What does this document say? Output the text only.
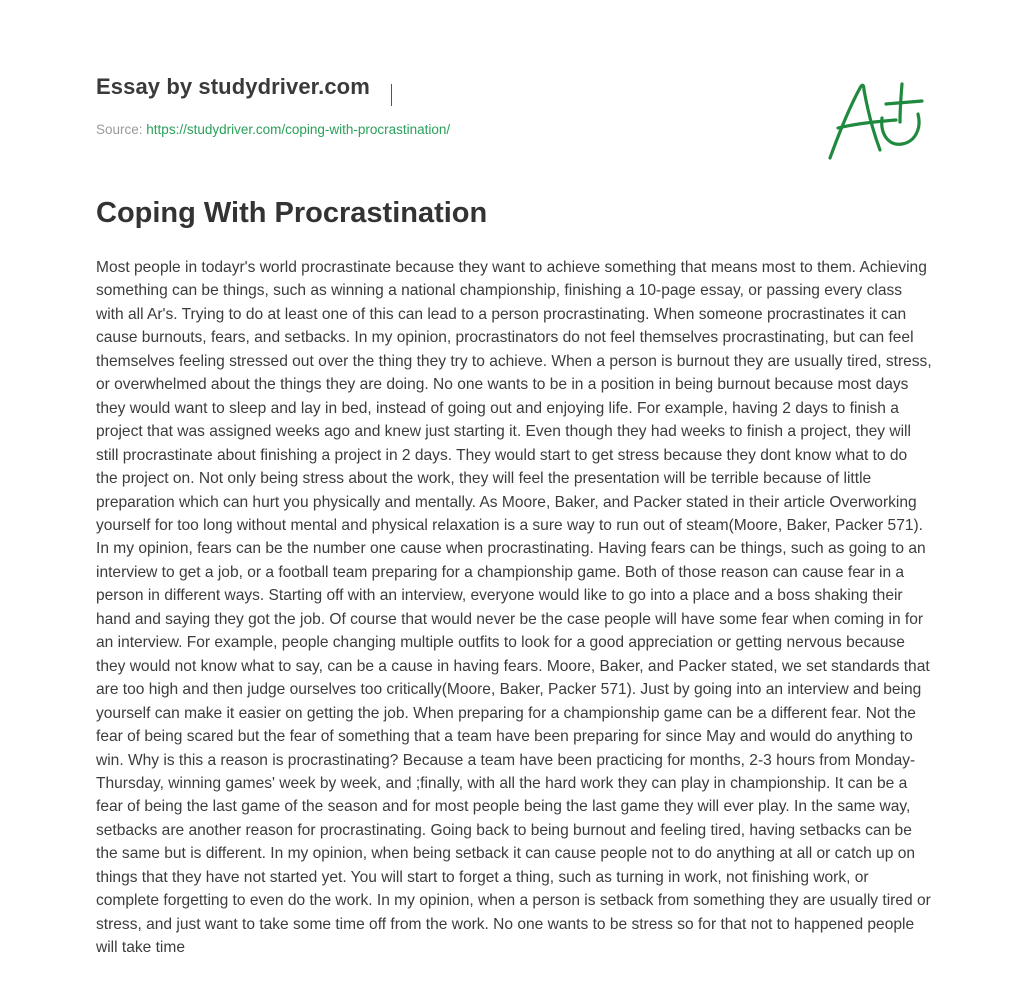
Essay by studydriver.com
Source: https://studydriver.com/coping-with-procrastination/
Coping With Procrastination

Most people in todayr's world procrastinate because they want to achieve something that means most to them. Achieving something can be things, such as winning a national championship, finishing a 10-page essay, or passing every class with all Ar's. Trying to do at least one of this can lead to a person procrastinating. When someone procrastinates it can cause burnouts, fears, and setbacks. In my opinion, procrastinators do not feel themselves procrastinating, but can feel themselves feeling stressed out over the thing they try to achieve. When a person is burnout they are usually tired, stress, or overwhelmed about the things they are doing. No one wants to be in a position in being burnout because most days they would want to sleep and lay in bed, instead of going out and enjoying life. For example, having 2 days to finish a project that was assigned weeks ago and knew just starting it. Even though they had weeks to finish a project, they will still procrastinate about finishing a project in 2 days. They would start to get stress because they dont know what to do the project on. Not only being stress about the work, they will feel the presentation will be terrible because of little preparation which can hurt you physically and mentally. As Moore, Baker, and Packer stated in their article Overworking yourself for too long without mental and physical relaxation is a sure way to run out of steam(Moore, Baker, Packer 571). In my opinion, fears can be the number one cause when procrastinating. Having fears can be things, such as going to an interview to get a job, or a football team preparing for a championship game. Both of those reason can cause fear in a person in different ways. Starting off with an interview, everyone would like to go into a place and a boss shaking their hand and saying they got the job. Of course that would never be the case people will have some fear when coming in for an interview. For example, people changing multiple outfits to look for a good appreciation or getting nervous because they would not know what to say, can be a cause in having fears. Moore, Baker, and Packer stated, we set standards that are too high and then judge ourselves too critically(Moore, Baker, Packer 571). Just by going into an interview and being yourself can make it easier on getting the job. When preparing for a championship game can be a different fear. Not the fear of being scared but the fear of something that a team have been preparing for since May and would do anything to win. Why is this a reason is procrastinating? Because a team have been practicing for months, 2-3 hours from Monday-Thursday, winning games' week by week, and ;finally, with all the hard work they can play in championship. It can be a fear of being the last game of the season and for most people being the last game they will ever play. In the same way, setbacks are another reason for procrastinating. Going back to being burnout and feeling tired, having setbacks can be the same but is different. In my opinion, when being setback it can cause people not to do anything at all or catch up on things that they have not started yet. You will start to forget a thing, such as turning in work, not finishing work, or complete forgetting to even do the work. In my opinion, when a person is setback from something they are usually tired or stress, and just want to take some time off from the work. No one wants to be stress so for that not to happened people will take time
